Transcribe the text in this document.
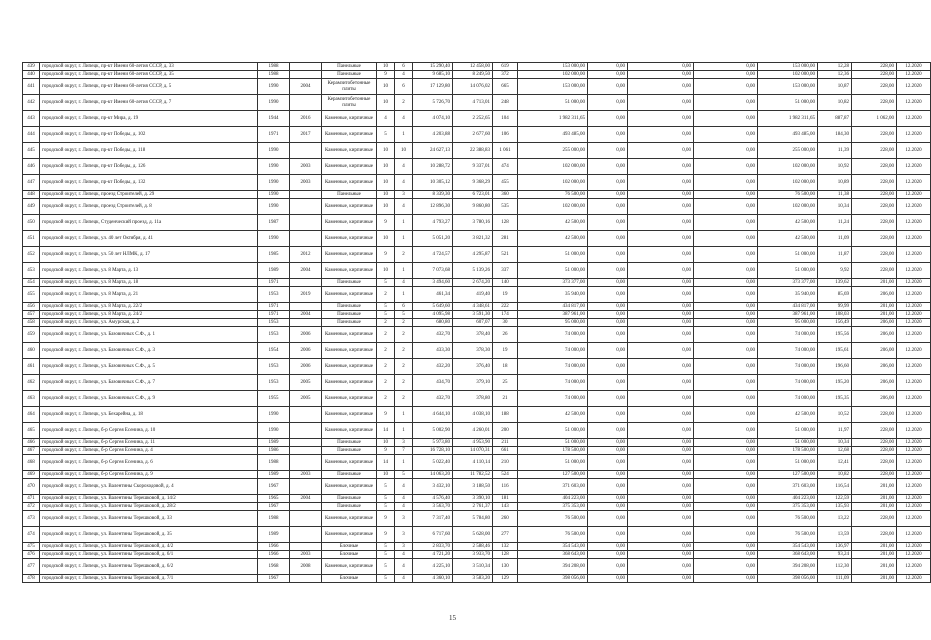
439	городской округ, г. Липецк, пр-кт Имени 60-летия СССР, д. 33	1988		Панельные	10	6	15 290,40	12 458,00	619	153 000,00	0,00	0,00	0,00	153 000,00	12,28	228,00	12.2020
440	городской округ, г. Липецк, пр-кт Имени 60-летия СССР, д. 35	1988		Панельные	9	4	9 685,10	8 249,50	372	102 000,00	0,00	0,00	0,00	102 000,00	12,36	228,00	12.2020
441	городской округ, г. Липецк, пр-кт Имени 60-летия СССР, д. 5	1990	2004	Керамзитобетонные плиты	10	6	17 129,80	14 076,02	665	153 000,00	0,00	0,00	0,00	153 000,00	10,87	228,00	12.2020
442	городской округ, г. Липецк, пр-кт Имени 60-летия СССР, д. 7	1990		Керамзитобетонные плиты	10	2	5 726,70	4 713,01	248	51 000,00	0,00	0,00	0,00	51 000,00	10,82	228,00	12.2020
443	городской округ, г. Липецк, пр-кт Мира, д. 19	1944	2016	Каменные, кирпичные	4	4	4 074,10	2 252,65	104	1 982 311,65	0,00	0,00	0,00	1 982 311,65	887,87	1 062,00	12.2020
444	городской округ, г. Липецк, пр-кт Победы, д. 102	1971	2017	Каменные, кирпичные	5	1	4 203,88	2 677,60	106	493 485,00	0,00	0,00	0,00	493 485,00	184,30	228,00	12.2020
445	городской округ, г. Липецк, пр-кт Победы, д. 118	1990		Каменные, кирпичные	10	10	24 627,13	22 388,83	1 061	255 000,00	0,00	0,00	0,00	255 000,00	11,39	228,00	12.2020
446	городской округ, г. Липецк, пр-кт Победы, д. 126	1990	2003	Каменные, кирпичные	10	4	10 288,72	9 337,01	474	102 000,00	0,00	0,00	0,00	102 000,00	10,92	228,00	12.2020
447	городской округ, г. Липецк, пр-кт Победы, д. 132	1990	2003	Каменные, кирпичные	10	4	10 305,12	9 368,29	455	102 000,00	0,00	0,00	0,00	102 000,00	10,89	228,00	12.2020
448	городской округ, г. Липецк, проезд Строителей, д. 29	1990		Панельные	10	3	8 339,30	6 723,01	360	76 500,00	0,00	0,00	0,00	76 500,00	11,38	228,00	12.2020
449	городской округ, г. Липецк, проезд Строителей, д. 8	1990		Каменные, кирпичные	10	4	12 896,30	9 860,80	535	102 000,00	0,00	0,00	0,00	102 000,00	10,34	228,00	12.2020
450	городской округ, г. Липецк, Студенческий проезд, д. 11а	1987		Каменные, кирпичные	9	1	4 793,27	3 780,16	128	42 500,00	0,00	0,00	0,00	42 500,00	11,24	228,00	12.2020
451	городской округ, г. Липецк, ул. 40 лет Октября, д. 41	1990		Каменные, кирпичные	10	1	5 051,20	3 821,32	281	42 500,00	0,00	0,00	0,00	42 500,00	11,09	228,00	12.2020
452	городской округ, г. Липецк, ул. 50 лет НЛМК, д. 17	1985	2012	Каменные, кирпичные	9	2	4 724,57	4 295,87	521	51 000,00	0,00	0,00	0,00	51 000,00	11,87	228,00	12.2020
453	городской округ, г. Липецк, ул. 8 Марта, д. 13	1989	2004	Каменные, кирпичные	10	1	7 073,68	5 139,26	337	51 000,00	0,00	0,00	0,00	51 000,00	9,92	228,00	12.2020
454	городской округ, г. Липецк, ул. 8 Марта, д. 18	1971		Панельные	5	4	3 494,60	2 674,20	140	373 377,00	0,00	0,00	0,00	373 377,00	139,62	201,00	12.2020
455	городской округ, г. Липецк, ул. 8 Марта, д. 21	1953	2019	Каменные, кирпичные	2	1	461,34	419,40	19	35 940,00	0,00	0,00	0,00	35 940,00	85,69	206,00	12.2020
456	городской округ, г. Липецк, ул. 8 Марта, д. 22/2	1971		Панельные	5	6	5 649,60	4 348,61	222	434 817,00	0,00	0,00	0,00	434 817,00	99,99	201,00	12.2020
457	городской округ, г. Липецк, ул. 8 Марта, д. 24/2	1971	2004	Панельные	5	5	4 095,98	3 591,30	174	387 961,00	0,00	0,00	0,00	387 961,00	108,03	201,00	12.2020
458	городской округ, г. Липецк, ул. Амурская, д. 2	1953		Панельные	2	2	680,80	607,07	30	95 000,00	0,00	0,00	0,00	95 000,00	156,49	206,00	12.2020
459	городской округ, г. Липецк, ул. Базовичных С.Ф., д. 1	1953	2006	Каменные, кирпичные	2	2	432,70	378,40	26	74 000,00	0,00	0,00	0,00	74 000,00	195,56	206,00	12.2020
460	городской округ, г. Липецк, ул. Базовичных С.Ф., д. 3	1954	2006	Каменные, кирпичные	2	2	433,30	378,30	19	74 000,00	0,00	0,00	0,00	74 000,00	195,61	206,00	12.2020
461	городской округ, г. Липецк, ул. Базовичных С.Ф., д. 5	1953	2006	Каменные, кирпичные	2	2	432,20	376,40	18	74 000,00	0,00	0,00	0,00	74 000,00	196,60	206,00	12.2020
462	городской округ, г. Липецк, ул. Базовичных С.Ф., д. 7	1953	2005	Каменные, кирпичные	2	2	434,70	379,10	25	74 000,00	0,00	0,00	0,00	74 000,00	195,20	206,00	12.2020
463	городской округ, г. Липецк, ул. Базовичных С.Ф., д. 9	1955	2005	Каменные, кирпичные	2	2	432,70	378,80	21	74 000,00	0,00	0,00	0,00	74 000,00	195,35	206,00	12.2020
464	городской округ, г. Липецк, ул. Бехарейна, д. 18	1990		Каменные, кирпичные	9	1	4 644,10	4 038,10	188	42 500,00	0,00	0,00	0,00	42 500,00	10,52	228,00	12.2020
465	городской округ, г. Липецк, б-р Сергея Есенина, д. 10	1990		Каменные, кирпичные	14	1	5 002,90	4 260,01	200	51 000,00	0,00	0,00	0,00	51 000,00	11,97	228,00	12.2020
466	городской округ, г. Липецк, б-р Сергея Есенина, д. 11	1989		Панельные	10	3	5 973,80	4 953,90	211	51 000,00	0,00	0,00	0,00	51 000,00	10,34	228,00	12.2020
467	городской округ, г. Липецк, б-р Сергея Есенина, д. 4	1986		Панельные	9	7	16 728,10	14 070,31	661	178 500,00	0,00	0,00	0,00	178 500,00	12,68	228,00	12.2020
468	городской округ, г. Липецк, б-р Сергея Есенина, д. 6	1988		Каменные, кирпичные	14	1	5 022,40	4 110,14	210	51 000,00	0,00	0,00	0,00	51 000,00	12,41	228,00	12.2020
469	городской округ, г. Липецк, б-р Сергея Есенина, д. 9	1989	2003	Панельные	10	5	14 063,20	11 782,52	524	127 500,00	0,00	0,00	0,00	127 500,00	10,82	228,00	12.2020
470	городской округ, г. Липецк, ул. Валентины Скороходовой, д. 4	1967		Каменные, кирпичные	5	4	3 432,10	3 188,50	116	371 603,00	0,00	0,00	0,00	371 603,00	116,54	201,00	12.2020
471	городской округ, г. Липецк, ул. Валентины Терешковой, д. 14/2	1965	2004	Панельные	5	4	4 576,40	3 390,10	181	404 223,00	0,00	0,00	0,00	404 223,00	122,59	201,00	12.2020
472	городской округ, г. Липецк, ул. Валентины Терешковой, д. 28/2	1967		Панельные	5	4	3 563,70	2 761,37	143	375 353,00	0,00	0,00	0,00	375 353,00	135,93	201,00	12.2020
473	городской округ, г. Липецк, ул. Валентины Терешковой, д. 33	1988		Каменные, кирпичные	9	3	7 317,40	5 784,80	260	76 500,00	0,00	0,00	0,00	76 500,00	13,22	228,00	12.2020
474	городской округ, г. Липецк, ул. Валентины Терешковой, д. 35	1989		Каменные, кирпичные	9	3	6 717,60	5 628,00	277	76 500,00	0,00	0,00	0,00	76 500,00	13,59	228,00	12.2020
475	городской округ, г. Липецк, ул. Валентины Терешковой, д. 4/2	1966		Блочные	5	3	2 833,70	2 588,46	132	354 543,00	0,00	0,00	0,00	354 543,00	136,97	201,00	12.2020
476	городской округ, г. Липецк, ул. Валентины Терешковой, д. 6/1	1966	2003	Блочные	5	4	4 721,20	3 933,70	128	368 643,00	0,00	0,00	0,00	368 643,00	93,24	201,00	12.2020
477	городской округ, г. Липецк, ул. Валентины Терешковой, д. 6/2	1968	2008	Каменные, кирпичные	5	4	4 225,10	3 510,34	130	394 208,00	0,00	0,00	0,00	394 208,00	112,30	201,00	12.2020
478	городской округ, г. Липецк, ул. Валентины Терешковой, д. 7/1	1967		Блочные	5	4	4 360,10	3 583,20	129	398 056,00	0,00	0,00	0,00	398 056,00	111,09	201,00	12.2020
15
